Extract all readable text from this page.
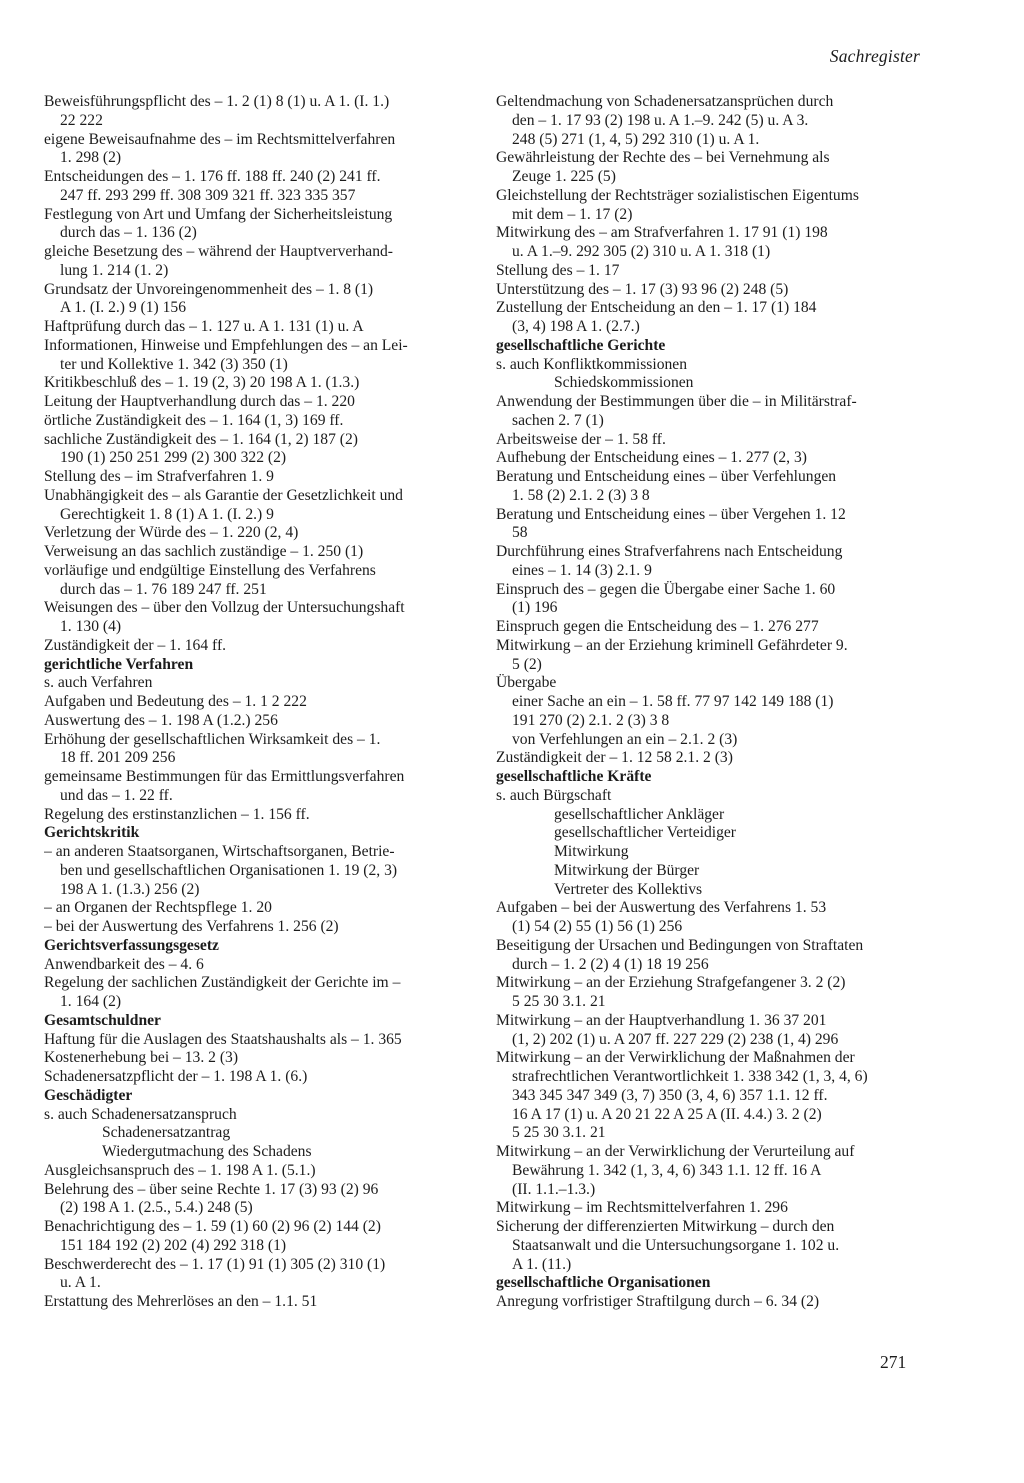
Sachregister
Beweisführungspflicht des – 1. 2 (1) 8 (1) u. A 1. (I. 1.)
22 222
eigene Beweisaufnahme des – im Rechtsmittelverfahren
1. 298 (2)
Entscheidungen des – 1. 176 ff. 188 ff. 240 (2) 241 ff.
247 ff. 293 299 ff. 308 309 321 ff. 323 335 357
Festlegung von Art und Umfang der Sicherheitsleistung
durch das – 1. 136 (2)
gleiche Besetzung des – während der Hauptververhand-
lung 1. 214 (1. 2)
Grundsatz der Unvoreingenommenheit des – 1. 8 (1)
A 1. (I. 2.) 9 (1) 156
Haftprüfung durch das – 1. 127 u. A 1. 131 (1) u. A
Informationen, Hinweise und Empfehlungen des – an Lei-
ter und Kollektive 1. 342 (3) 350 (1)
Kritikbeschluß des – 1. 19 (2, 3) 20 198 A 1. (1.3.)
Leitung der Hauptverhandlung durch das – 1. 220
örtliche Zuständigkeit des – 1. 164 (1, 3) 169 ff.
sachliche Zuständigkeit des – 1. 164 (1, 2) 187 (2)
190 (1) 250 251 299 (2) 300 322 (2)
Stellung des – im Strafverfahren 1. 9
Unabhängigkeit des – als Garantie der Gesetzlichkeit und
Gerechtigkeit 1. 8 (1) A 1. (I. 2.) 9
Verletzung der Würde des – 1. 220 (2, 4)
Verweisung an das sachlich zuständige – 1. 250 (1)
vorläufige und endgültige Einstellung des Verfahrens
durch das – 1. 76 189 247 ff. 251
Weisungen des – über den Vollzug der Untersuchungshaft
1. 130 (4)
Zuständigkeit der – 1. 164 ff.
gerichtliche Verfahren
s. auch Verfahren
Aufgaben und Bedeutung des – 1. 1 2 222
Auswertung des – 1. 198 A (1.2.) 256
Erhöhung der gesellschaftlichen Wirksamkeit des – 1.
18 ff. 201 209 256
gemeinsame Bestimmungen für das Ermittlungsverfahren
und das – 1. 22 ff.
Regelung des erstinstanzlichen – 1. 156 ff.
Gerichtskritik
– an anderen Staatsorganen, Wirtschaftsorganen, Betrie-
ben und gesellschaftlichen Organisationen 1. 19 (2, 3)
198 A 1. (1.3.) 256 (2)
– an Organen der Rechtspflege 1. 20
– bei der Auswertung des Verfahrens 1. 256 (2)
Gerichtsverfassungsgesetz
Anwendbarkeit des – 4. 6
Regelung der sachlichen Zuständigkeit der Gerichte im –
1. 164 (2)
Gesamtschuldner
Haftung für die Auslagen des Staatshaushalts als – 1. 365
Kostenerhebung bei – 13. 2 (3)
Schadenersatzpflicht der – 1. 198 A 1. (6.)
Geschädigter
s. auch Schadenersatzanspruch
Schadenersatzantrag
Wiedergutmachung des Schadens
Ausgleichsanspruch des – 1. 198 A 1. (5.1.)
Belehrung des – über seine Rechte 1. 17 (3) 93 (2) 96
(2) 198 A 1. (2.5., 5.4.) 248 (5)
Benachrichtigung des – 1. 59 (1) 60 (2) 96 (2) 144 (2)
151 184 192 (2) 202 (4) 292 318 (1)
Beschwerderecht des – 1. 17 (1) 91 (1) 305 (2) 310 (1)
u. A 1.
Erstattung des Mehrerlöses an den – 1.1. 51
Geltendmachung von Schadenersatzansprüchen durch
den – 1. 17 93 (2) 198 u. A 1.–9. 242 (5) u. A 3.
248 (5) 271 (1, 4, 5) 292 310 (1) u. A 1.
Gewährleistung der Rechte des – bei Vernehmung als
Zeuge 1. 225 (5)
Gleichstellung der Rechtsträger sozialistischen Eigentums
mit dem – 1. 17 (2)
Mitwirkung des – am Strafverfahren 1. 17 91 (1) 198
u. A 1.–9. 292 305 (2) 310 u. A 1. 318 (1)
Stellung des – 1. 17
Unterstützung des – 1. 17 (3) 93 96 (2) 248 (5)
Zustellung der Entscheidung an den – 1. 17 (1) 184
(3, 4) 198 A 1. (2.7.)
gesellschaftliche Gerichte
s. auch Konfliktkommissionen
Schiedskommissionen
Anwendung der Bestimmungen über die – in Militärstraf-
sachen 2. 7 (1)
Arbeitsweise der – 1. 58 ff.
Aufhebung der Entscheidung eines – 1. 277 (2, 3)
Beratung und Entscheidung eines – über Verfehlungen
1. 58 (2) 2.1. 2 (3) 3 8
Beratung und Entscheidung eines – über Vergehen 1. 12
58
Durchführung eines Strafverfahrens nach Entscheidung
eines – 1. 14 (3) 2.1. 9
Einspruch des – gegen die Übergabe einer Sache 1. 60
(1) 196
Einspruch gegen die Entscheidung des – 1. 276 277
Mitwirkung – an der Erziehung kriminell Gefährdeter 9.
5 (2)
Übergabe
einer Sache an ein – 1. 58 ff. 77 97 142 149 188 (1)
191 270 (2) 2.1. 2 (3) 3 8
von Verfehlungen an ein – 2.1. 2 (3)
Zuständigkeit der – 1. 12 58 2.1. 2 (3)
gesellschaftliche Kräfte
s. auch Bürgschaft
gesellschaftlicher Ankläger
gesellschaftlicher Verteidiger
Mitwirkung
Mitwirkung der Bürger
Vertreter des Kollektivs
Aufgaben – bei der Auswertung des Verfahrens 1. 53
(1) 54 (2) 55 (1) 56 (1) 256
Beseitigung der Ursachen und Bedingungen von Straftaten
durch – 1. 2 (2) 4 (1) 18 19 256
Mitwirkung – an der Erziehung Strafgefangener 3. 2 (2)
5 25 30 3.1. 21
Mitwirkung – an der Hauptverhandlung 1. 36 37 201
(1, 2) 202 (1) u. A 207 ff. 227 229 (2) 238 (1, 4) 296
Mitwirkung – an der Verwirklichung der Maßnahmen der
strafrechtlichen Verantwortlichkeit 1. 338 342 (1, 3, 4, 6)
343 345 347 349 (3, 7) 350 (3, 4, 6) 357 1.1. 12 ff.
16 A 17 (1) u. A 20 21 22 A 25 A (II. 4.4.) 3. 2 (2)
5 25 30 3.1. 21
Mitwirkung – an der Verwirklichung der Verurteilung auf
Bewährung 1. 342 (1, 3, 4, 6) 343 1.1. 12 ff. 16 A
(II. 1.1.–1.3.)
Mitwirkung – im Rechtsmittelverfahren 1. 296
Sicherung der differenzierten Mitwirkung – durch den
Staatsanwalt und die Untersuchungsorgane 1. 102 u.
A 1. (11.)
gesellschaftliche Organisationen
Anregung vorfristiger Straftilgung durch – 6. 34 (2)
271
